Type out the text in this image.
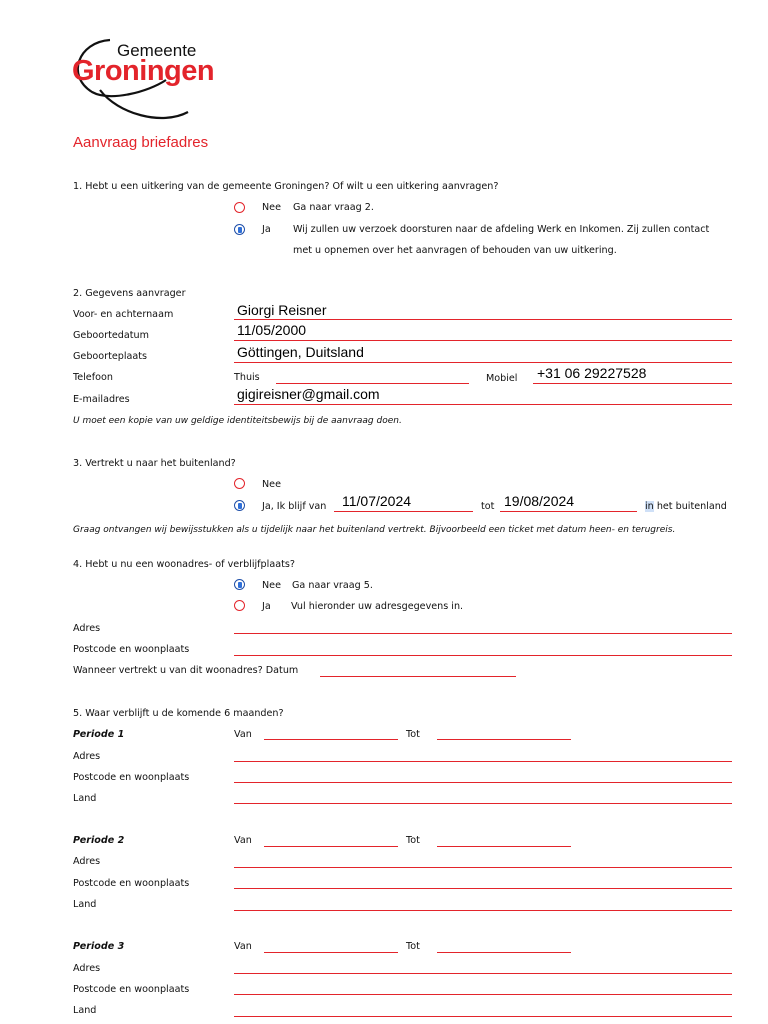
Gemeente
Groningen
Aanvraag briefadres
1. Hebt u een uitkering van de gemeente Groningen? Of wilt u een uitkering aanvragen?
Nee Ga naar vraag 2.
Ja Wij zullen uw verzoek doorsturen naar de afdeling Werk en Inkomen. Zij zullen contact
met u opnemen over het aanvragen of behouden van uw uitkering.
2. Gegevens aanvrager
Voor- en achternaam	Giorgi Reisner
Geboortedatum	11/05/2000
Geboorteplaats	Göttingen, Duitsland
Telefoon	Thuis	Mobiel +31 06 29227528
E-mailadres	gigireisner@gmail.com
U moet een kopie van uw geldige identiteitsbewijs bij de aanvraag doen.
3. Vertrekt u naar het buitenland?
Nee
Ja, Ik blijf van 11/07/2024	tot 19/08/2024	in het buitenland
Graag ontvangen wij bewijsstukken als u tijdelijk naar het buitenland vertrekt. Bijvoorbeeld een ticket met datum heen- en terugreis.
4. Hebt u nu een woonadres- of verblijfplaats?
Nee Ga naar vraag 5.
Ja Vul hieronder uw adresgegevens in.
Adres
Postcode en woonplaats
Wanneer vertrekt u van dit woonadres? Datum
5. Waar verblijft u de komende 6 maanden?
Periode 1	Van	Tot
Adres
Postcode en woonplaats
Land
Periode 2	Van	Tot
Adres
Postcode en woonplaats
Land
Periode 3	Van	Tot
Adres
Postcode en woonplaats
Land
